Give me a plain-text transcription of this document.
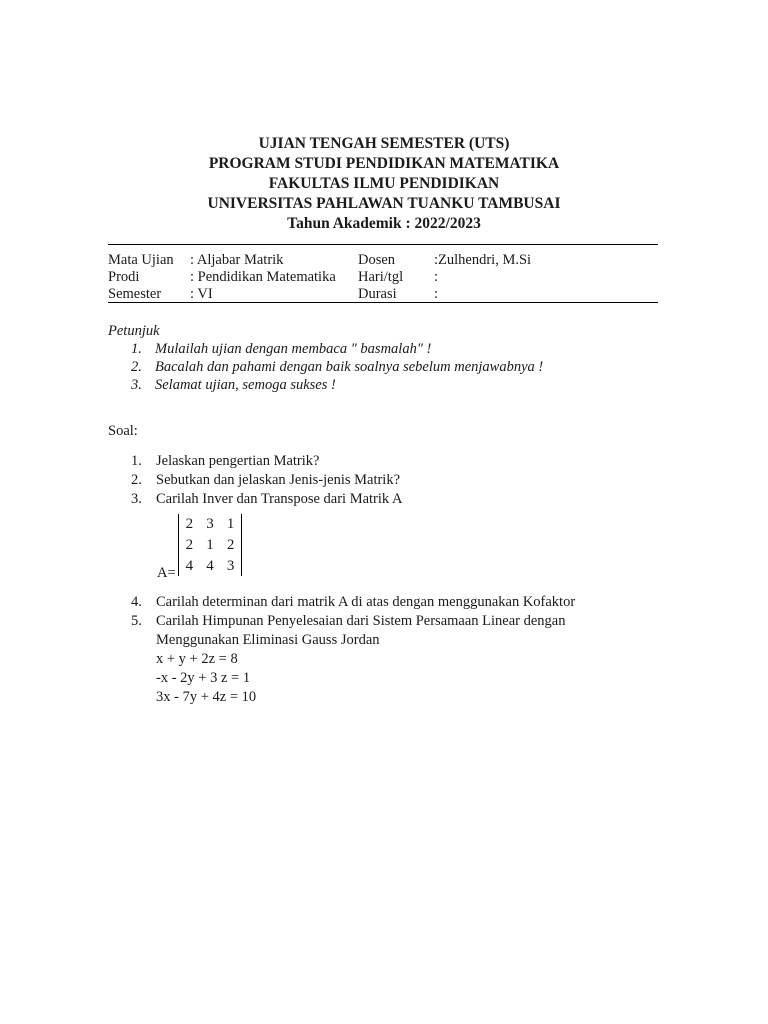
UJIAN TENGAH SEMESTER (UTS)
PROGRAM STUDI PENDIDIKAN MATEMATIKA
FAKULTAS ILMU PENDIDIKAN
UNIVERSITAS PAHLAWAN TUANKU TAMBUSAI
Tahun Akademik : 2022/2023
Mata Ujian : Aljabar Matrik	Dosen	:Zulhendri, M.Si
Prodi	: Pendidikan Matematika Hari/tgl :
Semester : VI	Durasi	:
Petunjuk
1. Mulailah ujian dengan membaca " basmalah" !
2. Bacalah dan pahami dengan baik soalnya sebelum menjawabnya !
3. Selamat ujian, semoga sukses !
Soal:
1. Jelaskan pengertian Matrik?
2. Sebutkan dan jelaskan Jenis-jenis Matrik?
3. Carilah Inver dan Transpose dari Matrik A
A=
2 3 1
2 1 2
4 4 3
4. Carilah determinan dari matrik A di atas dengan menggunakan Kofaktor
5. Carilah Himpunan Penyelesaian dari Sistem Persamaan Linear dengan
Menggunakan Eliminasi Gauss Jordan
x + y + 2z = 8
-x - 2y + 3 z = 1
3x - 7y + 4z = 10
